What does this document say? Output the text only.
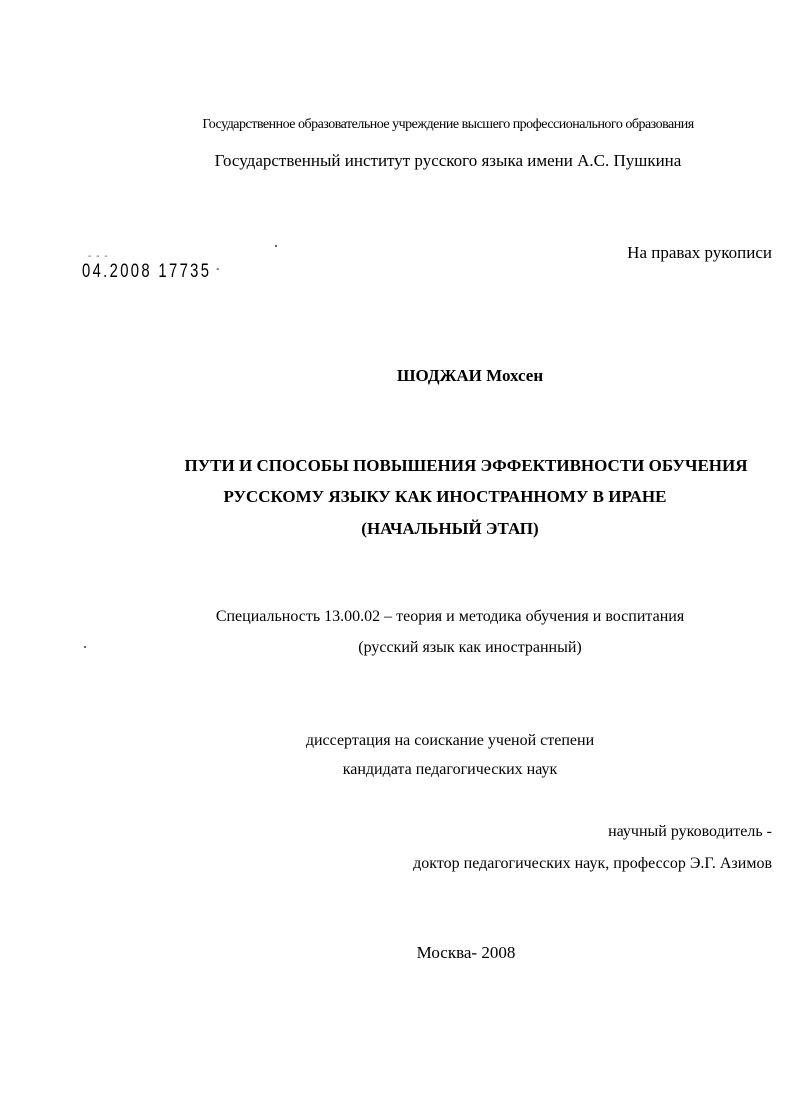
Государственное образовательное учреждение высшего профессионального образования
Государственный институт русского языка имени А.С. Пушкина
На правах рукописи
- - -
04.2008 17735 -
ШОДЖАИ Мохсен
ПУТИ И СПОСОБЫ ПОВЫШЕНИЯ ЭФФЕКТИВНОСТИ ОБУЧЕНИЯ
РУССКОМУ ЯЗЫКУ КАК ИНОСТРАННОМУ В ИРАНЕ
(НАЧАЛЬНЫЙ ЭТАП)
Специальность 13.00.02 – теория и методика обучения и воспитания
(русский язык как иностранный)
диссертация на соискание ученой степени
кандидата педагогических наук
научный руководитель -
доктор педагогических наук, профессор Э.Г. Азимов
Москва- 2008
